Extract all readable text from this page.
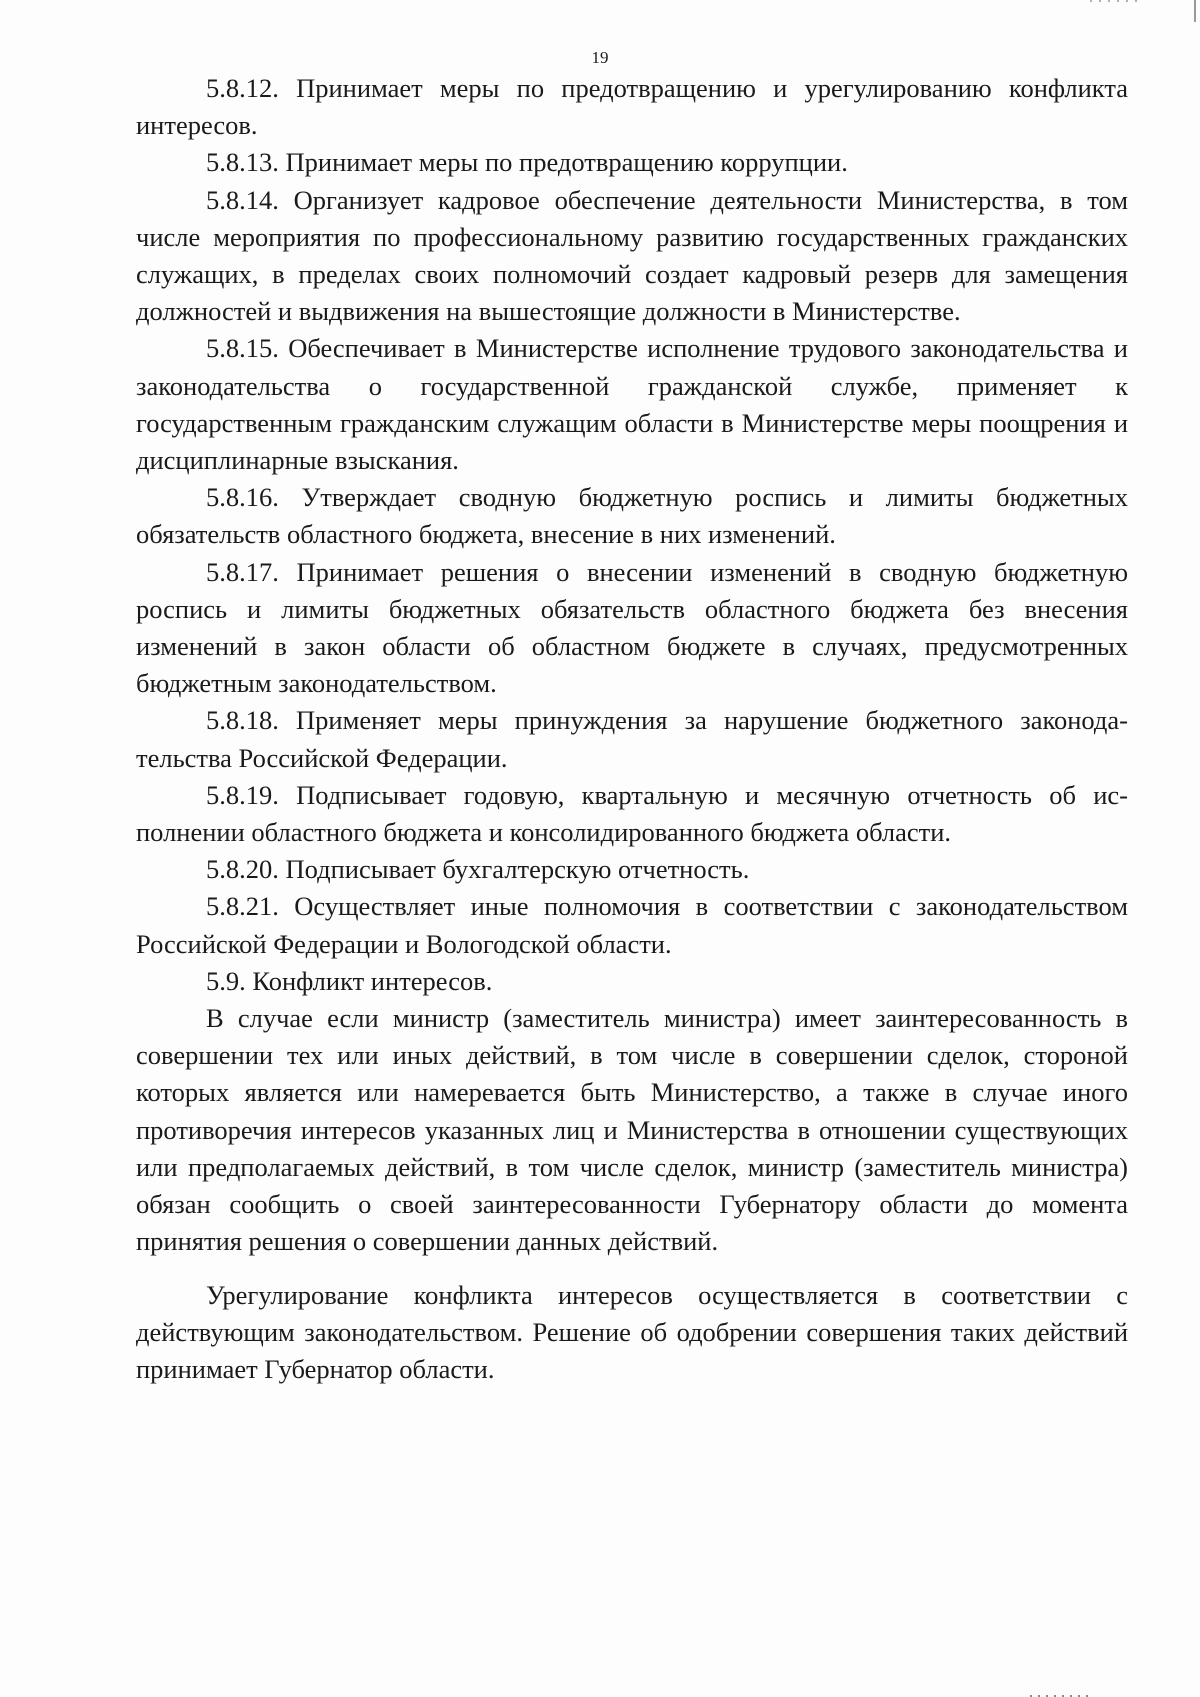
19

5.8.12. Принимает меры по предотвращению и урегулированию конфликта интересов.

5.8.13. Принимает меры по предотвращению коррупции.

5.8.14. Организует кадровое обеспечение деятельности Министерства, в том числе мероприятия по профессиональному развитию государственных гражданских служащих, в пределах своих полномочий создает кадровый резерв для замещения должностей и выдвижения на вышестоящие должности в Министерстве.

5.8.15. Обеспечивает в Министерстве исполнение трудового законодательства и законодательства о государственной гражданской службе, применяет к государственным гражданским служащим области в Министерстве меры поощрения и дисциплинарные взыскания.

5.8.16. Утверждает сводную бюджетную роспись и лимиты бюджетных обязательств областного бюджета, внесение в них изменений.

5.8.17. Принимает решения о внесении изменений в сводную бюджетную роспись и лимиты бюджетных обязательств областного бюджета без внесения изменений в закон области об областном бюджете в случаях, предусмотренных бюджетным законодательством.

5.8.18. Применяет меры принуждения за нарушение бюджетного законодательства Российской Федерации.

5.8.19. Подписывает годовую, квартальную и месячную отчетность об исполнении областного бюджета и консолидированного бюджета области.

5.8.20. Подписывает бухгалтерскую отчетность.

5.8.21. Осуществляет иные полномочия в соответствии с законодательством Российской Федерации и Вологодской области.

5.9. Конфликт интересов.

В случае если министр (заместитель министра) имеет заинтересованность в совершении тех или иных действий, в том числе в совершении сделок, стороной которых является или намеревается быть Министерство, а также в случае иного противоречия интересов указанных лиц и Министерства в отношении существующих или предполагаемых действий, в том числе сделок, министр (заместитель министра) обязан сообщить о своей заинтересованности Губернатору области до момента принятия решения о совершении данных действий.

Урегулирование конфликта интересов осуществляется в соответствии с действующим законодательством. Решение об одобрении совершения таких действий принимает Губернатор области.
